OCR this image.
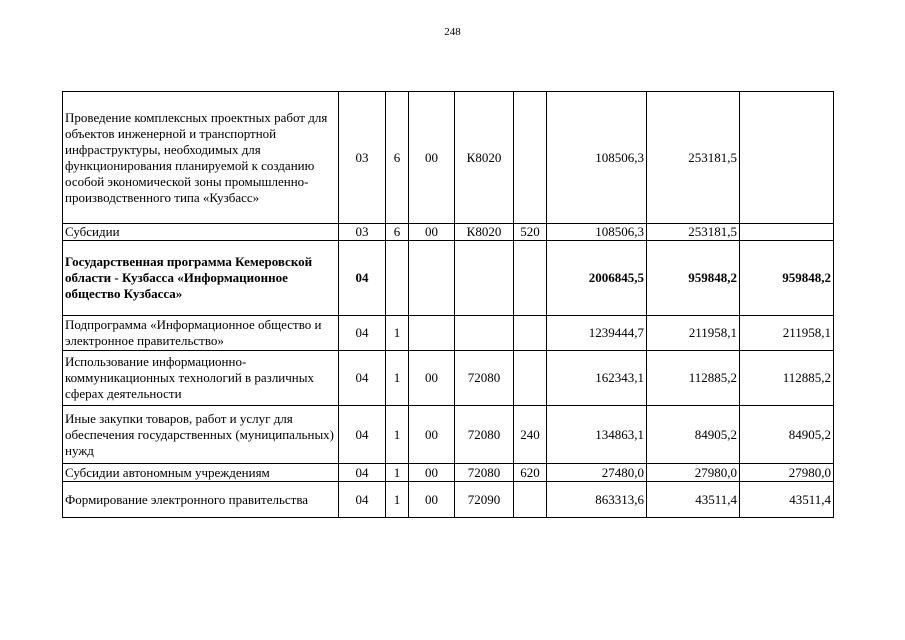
248
Проведение комплексных проектных работ для объектов инженерной и транспортной инфраструктуры, необходимых для функционирования планируемой к созданию особой экономической зоны промышленно-производственного типа «Кузбасс»	03	6	00	К8020		108506,3	253181,5	
Субсидии	03	6	00	К8020	520	108506,3	253181,5	
Государственная программа Кемеровской области - Кузбасса «Информационное общество Кузбасса»	04					2006845,5	959848,2	959848,2
Подпрограмма «Информационное общество и электронное правительство»	04	1				1239444,7	211958,1	211958,1
Использование информационно-коммуникационных технологий в различных сферах деятельности	04	1	00	72080		162343,1	112885,2	112885,2
Иные закупки товаров, работ и услуг для обеспечения государственных (муниципальных) нужд	04	1	00	72080	240	134863,1	84905,2	84905,2
Субсидии автономным учреждениям	04	1	00	72080	620	27480,0	27980,0	27980,0
Формирование электронного правительства	04	1	00	72090		863313,6	43511,4	43511,4
